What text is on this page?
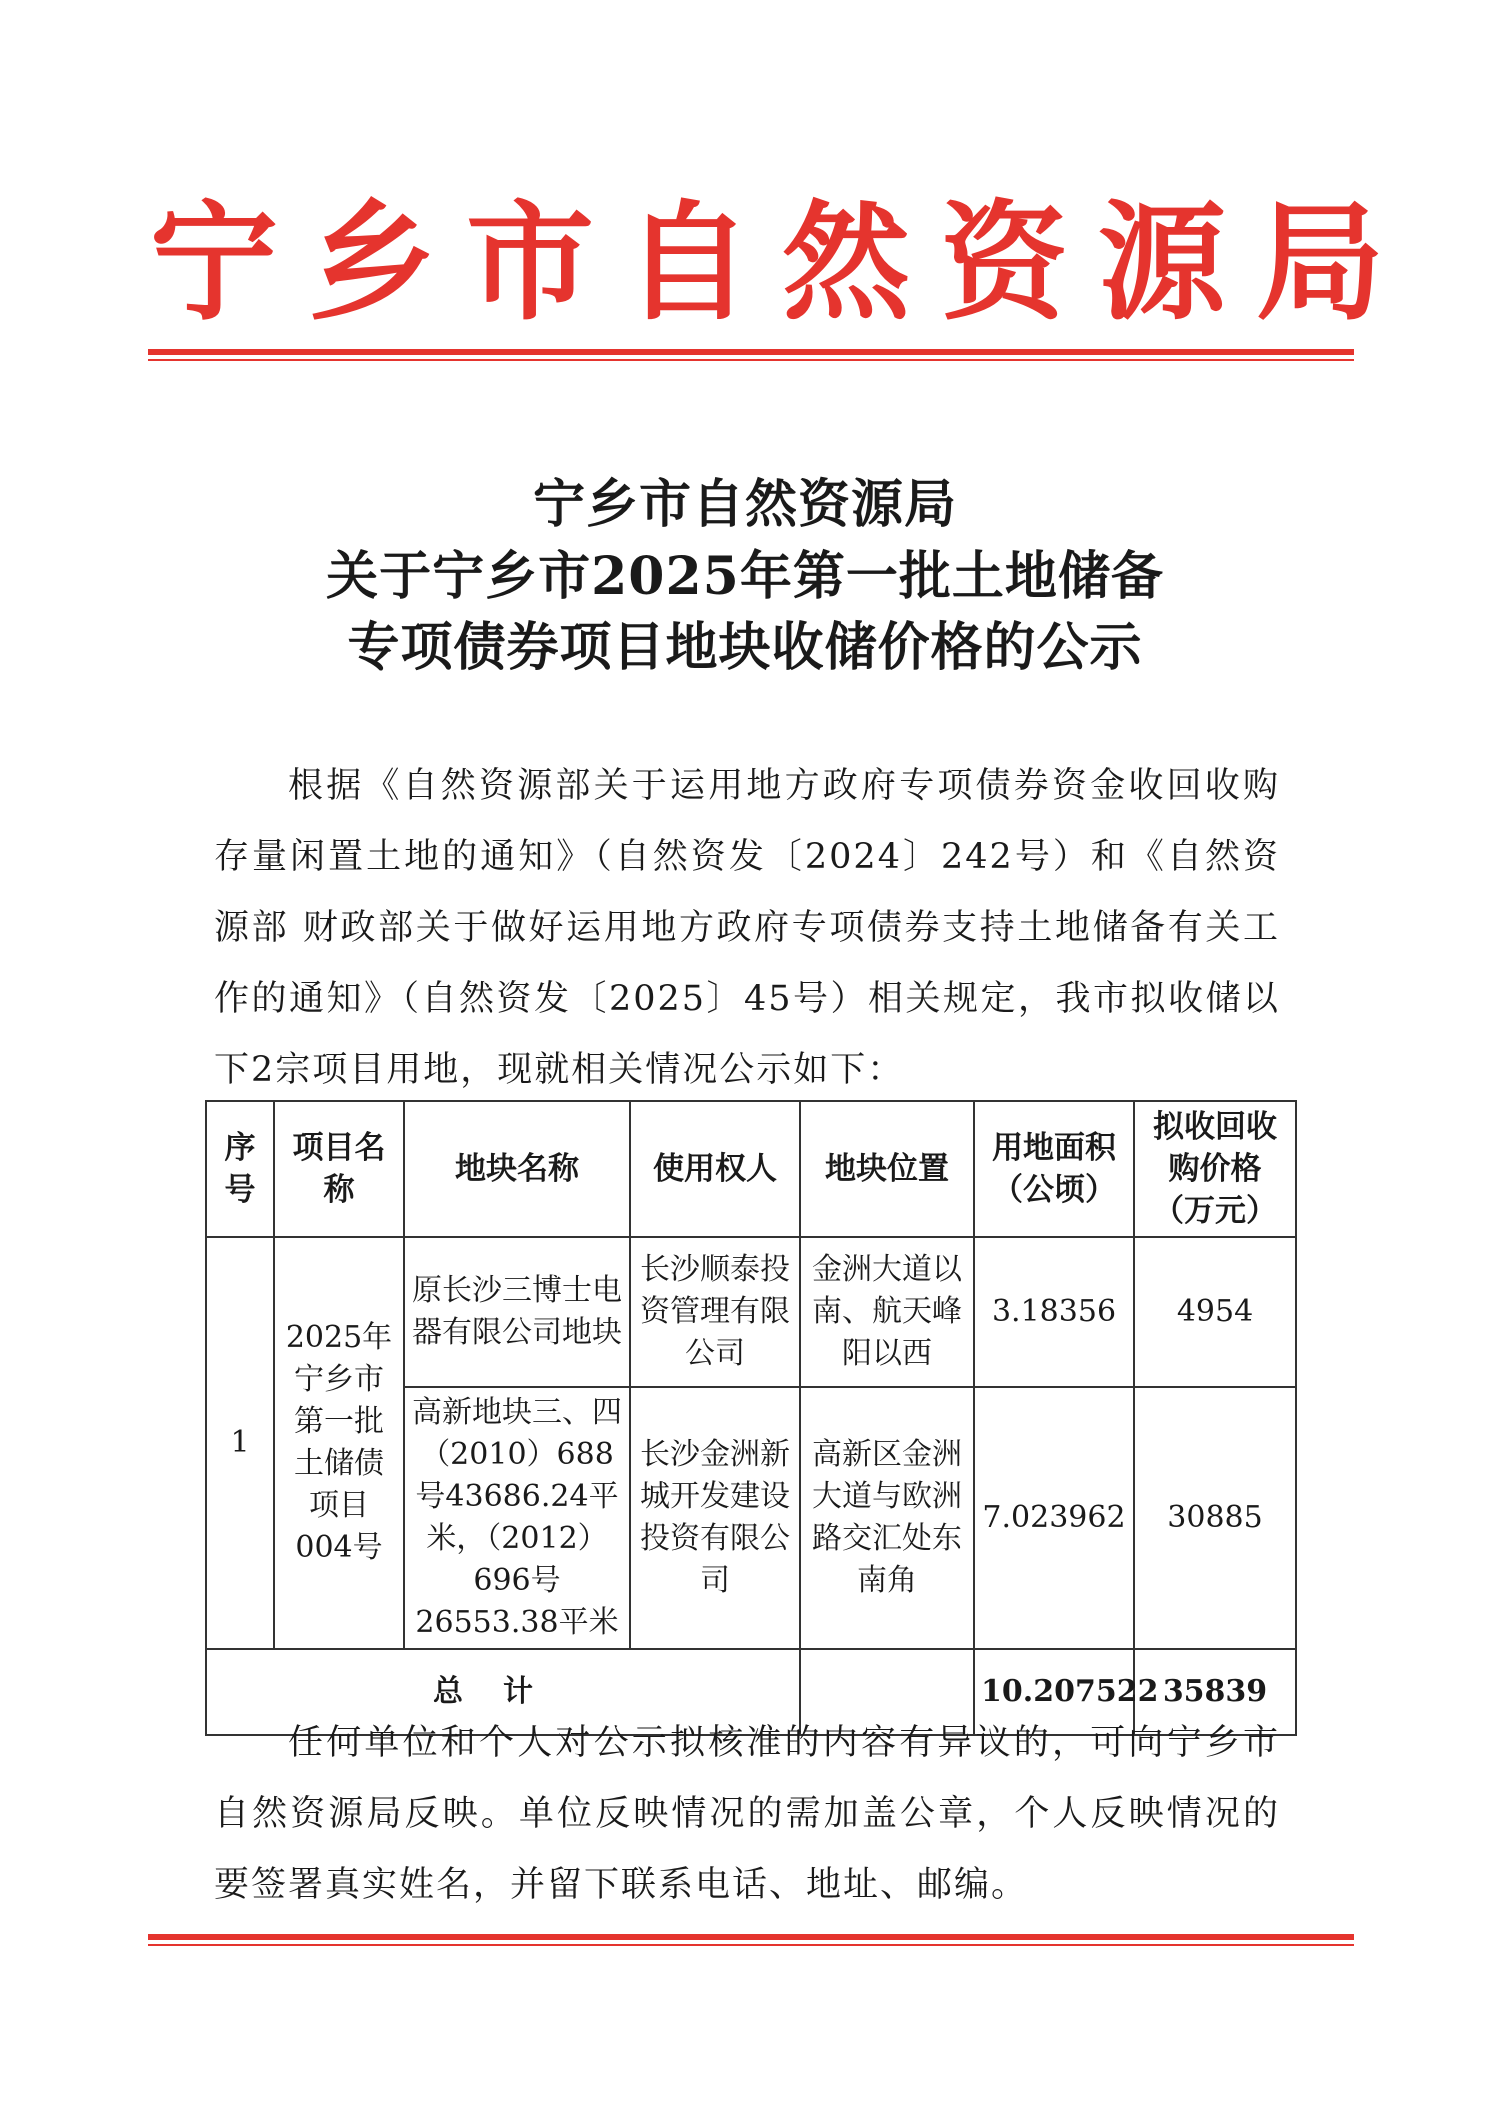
宁乡市自然资源局
宁乡市自然资源局
关于宁乡市2025年第一批土地储备
专项债券项目地块收储价格的公示
根据《自然资源部关于运用地方政府专项债券资金收回收购存量闲置土地的通知》（自然资发〔2024〕242号）和《自然资源部 财政部关于做好运用地方政府专项债券支持土地储备有关工作的通知》（自然资发〔2025〕45号）相关规定，我市拟收储以下2宗项目用地，现就相关情况公示如下：
序号	项目名称	地块名称	使用权人	地块位置	用地面积（公顷）	拟收回收购价格（万元）
1	2025年宁乡市第一批土储债项目004号	原长沙三博士电器有限公司地块	长沙顺泰投资管理有限公司	金洲大道以南、航天峰阳以西	3.18356	4954
		高新地块三、四（2010）688号43686.24平米，（2012）696号26553.38平米	长沙金洲新城开发建设投资有限公司	高新区金洲大道与欧洲路交汇处东南角	7.023962	30885
总计					10.207522	35839
任何单位和个人对公示拟核准的内容有异议的，可向宁乡市自然资源局反映。单位反映情况的需加盖公章，个人反映情况的要签署真实姓名，并留下联系电话、地址、邮编。
